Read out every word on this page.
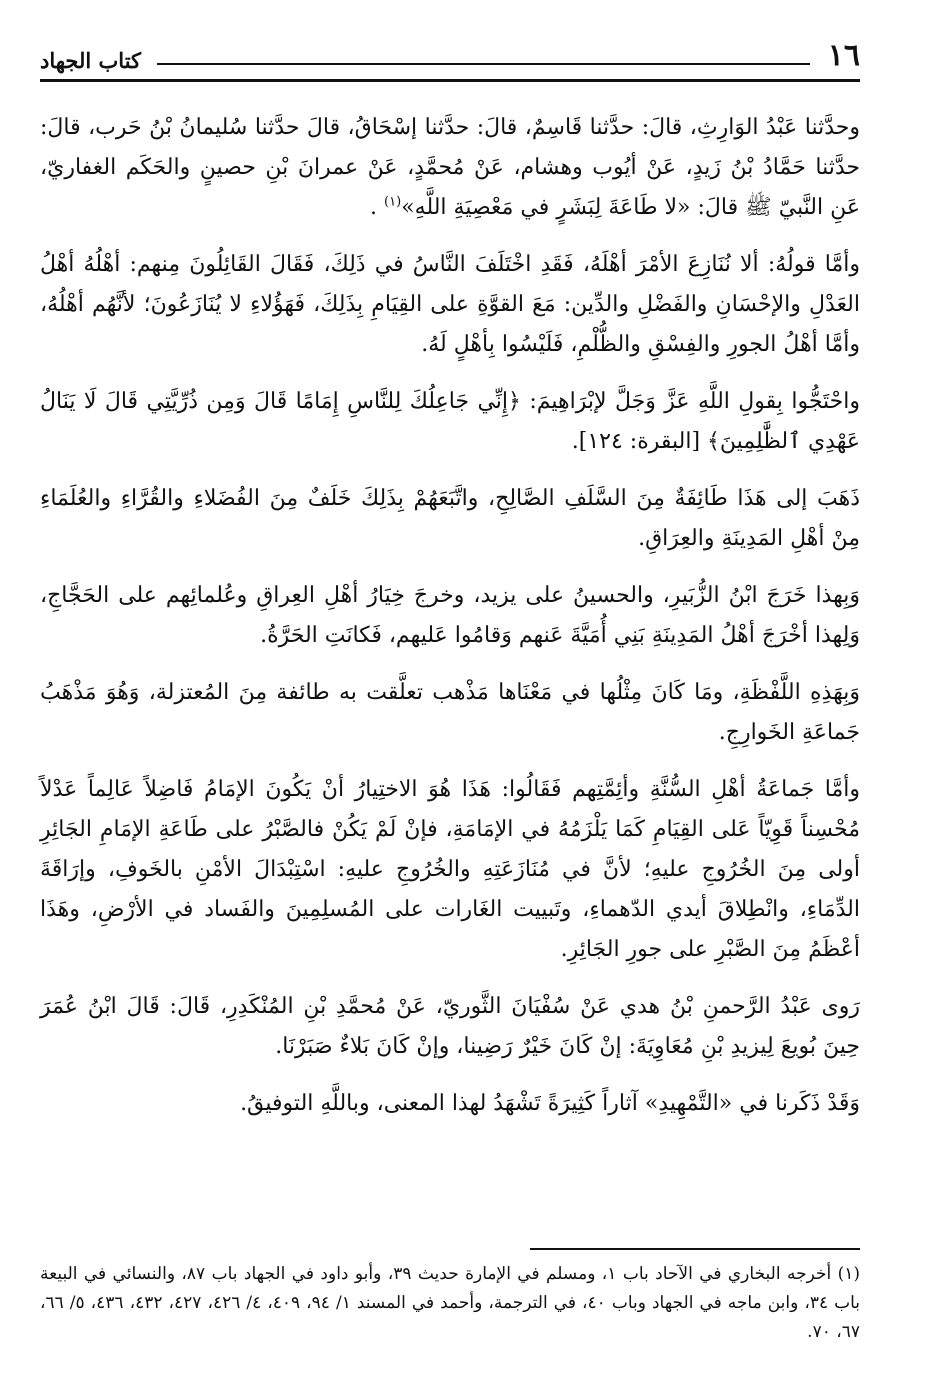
كتاب الجهاد	١٦

وحدَّثنا عَبْدُ الوَارِثِ، قالَ: حدَّثنا قَاسِمٌ، قالَ: حدَّثنا إسْحَاقُ، قالَ حدَّثنا سُليمانُ بْنُ حَرب، قالَ: حدَّثنا حَمَّادُ بْنُ زَيدٍ، عَنْ أيُوب وهشام، عَنْ مُحمَّدٍ، عَنْ عمرانَ بْنِ حصينٍ والحَكَم الغفاريّ، عَنِ النَّبيّ ﷺ قالَ: «لا طَاعَةَ لِبَشَرٍ في مَعْصِيَةِ اللَّهِ»$^{(١)}$ .

وأمَّا قولُهُ: ألا نُنَازِعَ الأمْرَ أهْلَهُ، فَقَدِ اخْتَلَفَ النَّاسُ في ذَلِكَ، فَقَالَ القَائِلُونَ مِنهم: أهْلُهُ أهْلُ العَدْلِ والإحْسَانِ والفَضْلِ والدِّين: مَعَ القوَّةِ على القِيَامِ بِذَلِكَ، فَهَؤُلاءِ لا يُنَازَعُونَ؛ لأنَّهُم أهْلُهُ، وأمَّا أهْلُ الجورِ والفِسْقِ والظُّلْمِ، فَلَيْسُوا بِأهْلٍ لَهُ.

واحْتَجُّوا بِقولِ اللَّهِ عَزَّ وَجَلَّ لإبْرَاهِيمَ: ﴿إِنِّي جَاعِلُكَ لِلنَّاسِ إِمَامًا قَالَ وَمِن ذُرِّيَّتِي قَالَ لَا يَنَالُ عَهْدِي ٱلظَّٰلِمِينَ﴾ [البقرة: ١٢٤].

ذَهَبَ إلى هَذَا طَائِفَةٌ مِنَ السَّلَفِ الصَّالِحِ، واتَّبَعَهُمْ بِذَلِكَ خَلَفٌ مِنَ الفُضَلاءِ والقُرَّاءِ والعُلَمَاءِ مِنْ أهْلِ المَدِينَةِ والعِرَاقِ.

وَبِهذا خَرَجَ ابْنُ الزُّبَيرِ، والحسينُ على يزيد، وخرجَ خِيَارُ أهْلِ العِراقِ وعُلمائِهم على الحَجَّاجِ، وَلِهذا أخْرَجَ أهْلُ المَدِينَةِ بَنِي أُمَيَّةَ عَنهم وَقامُوا عَليهم، فَكانَتِ الحَرَّةُ.

وَبِهَذِهِ اللَّفْظَةِ، ومَا كَانَ مِثْلُها في مَعْنَاها مَذْهب تعلَّقت به طائفة مِنَ المُعتزلة، وَهُوَ مَذْهَبُ جَماعَةِ الخَوارِجِ.

وأمَّا جَماعَةُ أهْلِ السُّنَّةِ وأئِمَّتِهم فَقَالُوا: هَذَا هُوَ الاختِيارُ أنْ يَكُونَ الإمَامُ فَاضِلاً عَالِماً عَدْلاً مُحْسِناً قَوِيّاً عَلى القِيَامِ كَمَا يَلْزَمُهُ في الإمَامَةِ، فإنْ لَمْ يَكُنْ فالصَّبْرُ على طَاعَةِ الإمَامِ الجَائِرِ أولى مِنَ الخُرُوجِ عليهِ؛ لأنَّ في مُنَازَعَتِهِ والخُرُوجِ عليهِ: اسْتِبْدَالَ الأمْنِ بالخَوفِ، وإرَاقَةَ الدِّمَاءِ، وانْطِلاقَ أيدي الدّهماءِ، وتَبييت الغَارات على المُسلِمِينَ والفَساد في الأرْضِ، وهَذَا أعْظَمُ مِنَ الصَّبْرِ على جورِ الجَائِرِ.

رَوى عَبْدُ الرَّحمنِ بْنُ هدي عَنْ سُفْيَانَ الثَّوريّ، عَنْ مُحمَّدِ بْنِ المُنْكَدِرِ، قَالَ: قَالَ ابْنُ عُمَرَ حِينَ بُويعَ لِيزيدِ بْنِ مُعَاوِيَةَ: إنْ كَانَ خَيْرٌ رَضِينا، وإنْ كَانَ بَلاءٌ صَبَرْنَا.

وَقَدْ ذَكَرنا في «التَّمْهِيدِ» آثاراً كَثِيرَةً تَشْهَدُ لهذا المعنى، وباللَّهِ التوفيقُ.

(١) أخرجه البخاري في الآحاد باب ١، ومسلم في الإمارة حديث ٣٩، وأبو داود في الجهاد باب ٨٧، والنسائي في البيعة باب ٣٤، وابن ماجه في الجهاد وباب ٤٠، في الترجمة، وأحمد في المسند ١/ ٩٤، ٤٠٩، ٤/ ٤٢٦، ٤٢٧، ٤٣٢، ٤٣٦، ٥/ ٦٦، ٦٧، ٧٠.
